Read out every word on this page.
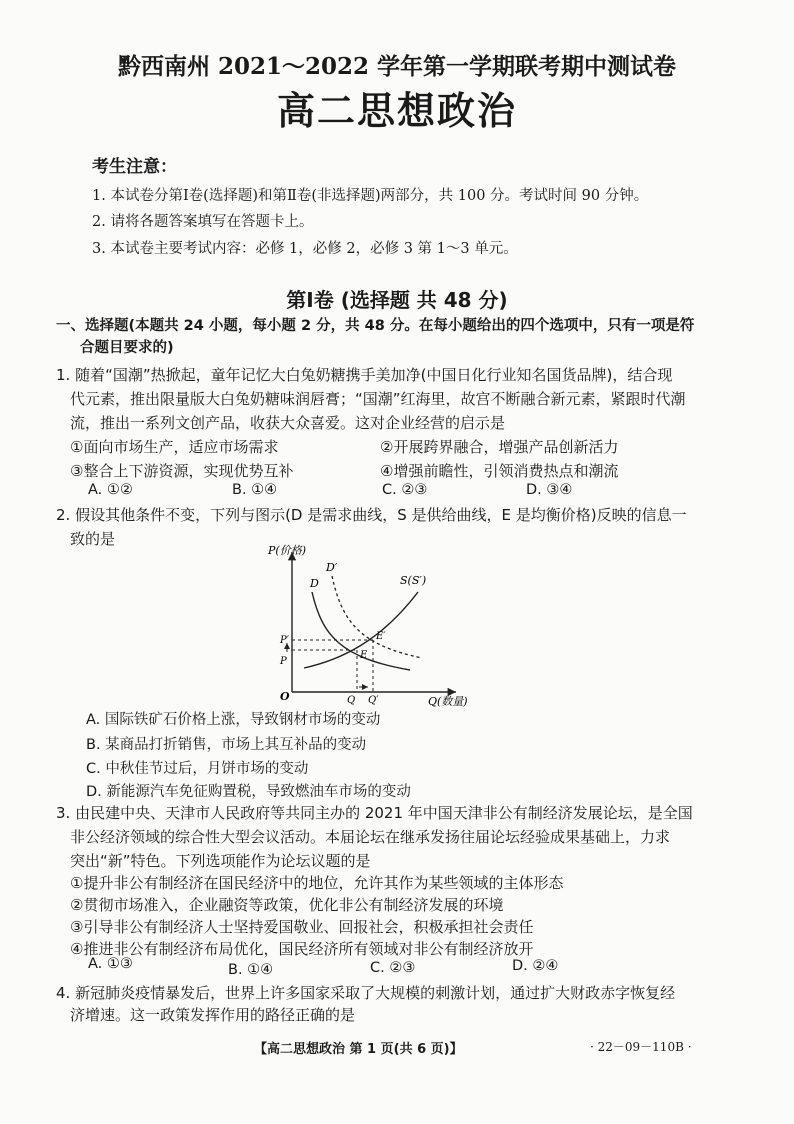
黔西南州 2021～2022 学年第一学期联考期中测试卷
高二思想政治
考生注意：
1. 本试卷分第Ⅰ卷(选择题)和第Ⅱ卷(非选择题)两部分，共 100 分。考试时间 90 分钟。
2. 请将各题答案填写在答题卡上。
3. 本试卷主要考试内容：必修 1，必修 2，必修 3 第 1～3 单元。
第Ⅰ卷 (选择题 共 48 分)
一、选择题(本题共 24 小题，每小题 2 分，共 48 分。在每小题给出的四个选项中，只有一项是符
合题目要求的)
1. 随着“国潮”热掀起，童年记忆大白兔奶糖携手美加净(中国日化行业知名国货品牌)，结合现
代元素，推出限量版大白兔奶糖味润唇膏；“国潮”红海里，故宫不断融合新元素，紧跟时代潮
流，推出一系列文创产品，收获大众喜爱。这对企业经营的启示是
①面向市场生产，适应市场需求	②开展跨界融合，增强产品创新活力
③整合上下游资源，实现优势互补	④增强前瞻性，引领消费热点和潮流
A. ①②	B. ①④	C. ②③	D. ③④
2. 假设其他条件不变，下列与图示(D 是需求曲线，S 是供给曲线，E 是均衡价格)反映的信息一
致的是
P(价格)
Q(数量)
O
D
D′
S(S′)
E
E′
P′
P
Q Q′
A. 国际铁矿石价格上涨，导致钢材市场的变动
B. 某商品打折销售，市场上其互补品的变动
C. 中秋佳节过后，月饼市场的变动
D. 新能源汽车免征购置税，导致燃油车市场的变动
3. 由民建中央、天津市人民政府等共同主办的 2021 年中国天津非公有制经济发展论坛，是全国
非公经济领域的综合性大型会议活动。本届论坛在继承发扬往届论坛经验成果基础上，力求
突出“新”特色。下列选项能作为论坛议题的是
①提升非公有制经济在国民经济中的地位，允许其作为某些领域的主体形态
②贯彻市场准入，企业融资等政策，优化非公有制经济发展的环境
③引导非公有制经济人士坚持爱国敬业、回报社会，积极承担社会责任
④推进非公有制经济布局优化，国民经济所有领域对非公有制经济放开
A. ①③	B. ①④	C. ②③	D. ②④
4. 新冠肺炎疫情暴发后，世界上许多国家采取了大规模的刺激计划，通过扩大财政赤字恢复经
济增速。这一政策发挥作用的路径正确的是
【高二思想政治 第 1 页(共 6 页)】	· 22－09－110B ·
